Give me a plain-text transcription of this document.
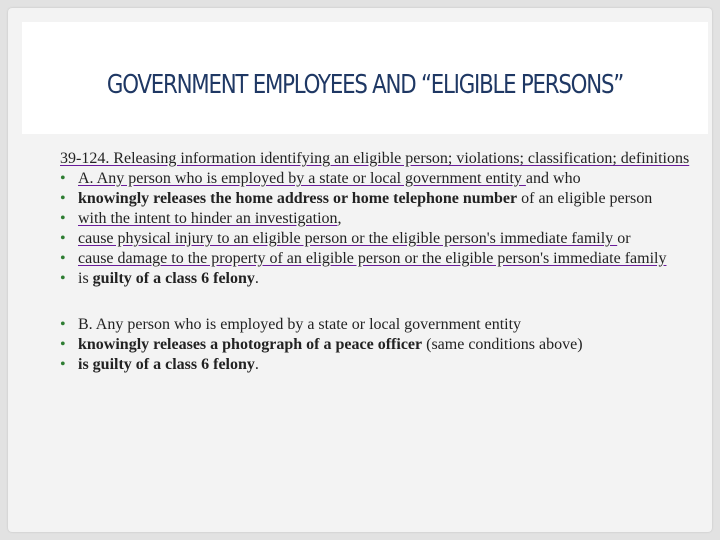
GOVERNMENT EMPLOYEES AND “ELIGIBLE PERSONS”

39-124. Releasing information identifying an eligible person; violations; classification; definitions

• A. Any person who is employed by a state or local government entity and who
• knowingly releases the home address or home telephone number of an eligible person
• with the intent to hinder an investigation,
• cause physical injury to an eligible person or the eligible person's immediate family or
• cause damage to the property of an eligible person or the eligible person's immediate family
• is guilty of a class 6 felony.
• B. Any person who is employed by a state or local government entity
• knowingly releases a photograph of a peace officer (same conditions above)
• is guilty of a class 6 felony.
